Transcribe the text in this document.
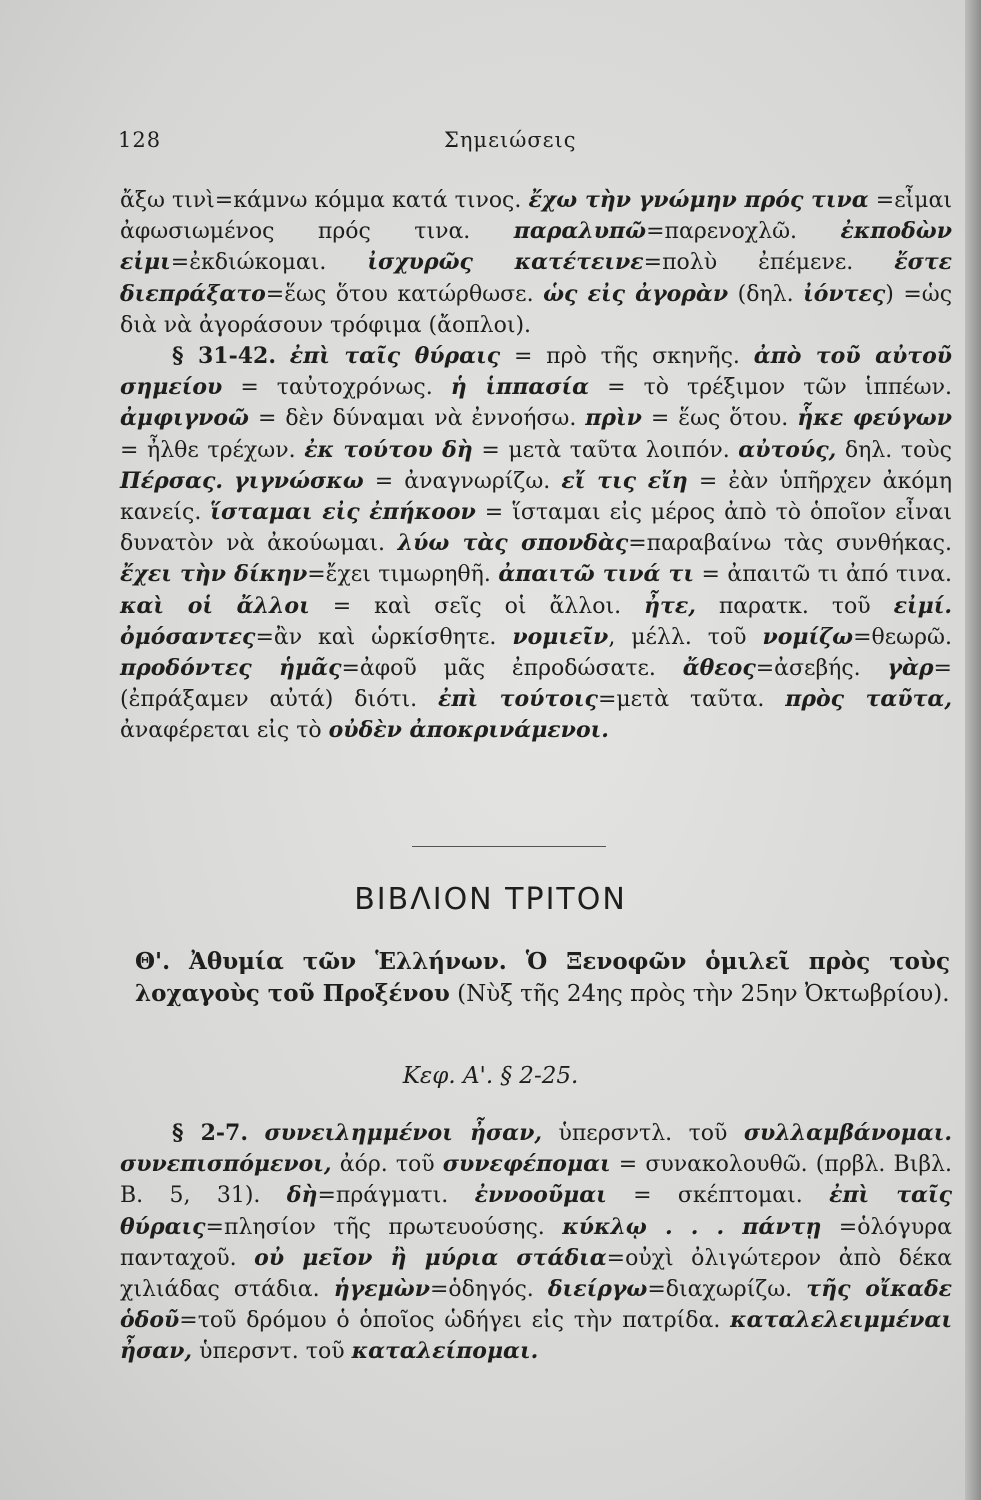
128	Σημειώσεις

ἄξω τινὶ=κάμνω κόμμα κατά τινος. ἔχω τὴν γνώμην πρός τινα =εἶμαι ἀφωσιωμένος πρός τινα. παραλυπῶ=παρενοχλῶ. ἐκποδὼν εἰμι=ἐκδιώκομαι. ἰσχυρῶς κατέτεινε=πολὺ ἐπέμενε. ἔστε διεπράξατο=ἕως ὅτου κατώρθωσε. ὡς εἰς ἀγορὰν (δηλ. ἰόντες) =ὡς διὰ νὰ ἀγοράσουν τρόφιμα (ἄοπλοι).

§ 31-42. ἐπὶ ταῖς θύραις = πρὸ τῆς σκηνῆς. ἀπὸ τοῦ αὐτοῦ σημείου = ταὐτοχρόνως. ἡ ἱππασία = τὸ τρέξιμον τῶν ἱππέων. ἀμφιγνοῶ = δὲν δύναμαι νὰ ἐννοήσω. πρὶν = ἕως ὅτου. ἧκε φεύγων = ἦλθε τρέχων. ἐκ τούτου δὴ = μετὰ ταῦτα λοιπόν. αὐτούς, δηλ. τοὺς Πέρσας. γιγνώσκω = ἀναγνωρίζω. εἴ τις εἴη = ἐὰν ὑπῆρχεν ἀκόμη κανείς. ἵσταμαι εἰς ἐπήκοον = ἵσταμαι εἰς μέρος ἀπὸ τὸ ὁποῖον εἶναι δυνατὸν νὰ ἀκούωμαι. λύω τὰς σπονδὰς=παραβαίνω τὰς συνθήκας. ἔχει τὴν δίκην=ἔχει τιμωρηθῆ. ἀπαιτῶ τινά τι = ἀπαιτῶ τι ἀπό τινα. καὶ οἱ ἄλλοι = καὶ σεῖς οἱ ἄλλοι. ἦτε, παρατκ. τοῦ εἰμί. ὀμόσαντες=ἂν καὶ ὡρκίσθητε. νομιεῖν, μέλλ. τοῦ νομίζω=θεωρῶ. προδόντες ἡμᾶς=ἀφοῦ μᾶς ἐπροδώσατε. ἄθεος=ἀσεβής. γὰρ=(ἐπράξαμεν αὐτά) διότι. ἐπὶ τούτοις=μετὰ ταῦτα. πρὸς ταῦτα, ἀναφέρεται εἰς τὸ οὐδὲν ἀποκρινάμενοι.

ΒΙΒΛΙΟΝ ΤΡΙΤΟΝ

Θ'. Ἀθυμία τῶν Ἑλλήνων. Ὁ Ξενοφῶν ὁμιλεῖ πρὸς τοὺς λοχαγοὺς τοῦ Προξένου (Νὺξ τῆς 24ης πρὸς τὴν 25ην Ὀκτωβρίου).

Κεφ. Α'. § 2-25.

§ 2-7. συνειλημμένοι ἦσαν, ὑπερσντλ. τοῦ συλλαμβάνομαι. συνεπισπόμενοι, ἀόρ. τοῦ συνεφέπομαι = συνακολουθῶ. (πρβλ. Βιβλ. Β. 5, 31). δὴ=πράγματι. ἐννοοῦμαι = σκέπτομαι. ἐπὶ ταῖς θύραις=πλησίον τῆς πρωτευούσης. κύκλῳ . . . πάντῃ =ὁλόγυρα πανταχοῦ. οὐ μεῖον ἢ μύρια στάδια=οὐχὶ ὀλιγώτερον ἀπὸ δέκα χιλιάδας στάδια. ἡγεμὼν=ὁδηγός. διείργω=διαχωρίζω. τῆς οἴκαδε ὁδοῦ=τοῦ δρόμου ὁ ὁποῖος ὡδήγει εἰς τὴν πατρίδα. καταλελειμμέναι ἦσαν, ὑπερσντ. τοῦ καταλείπομαι.
